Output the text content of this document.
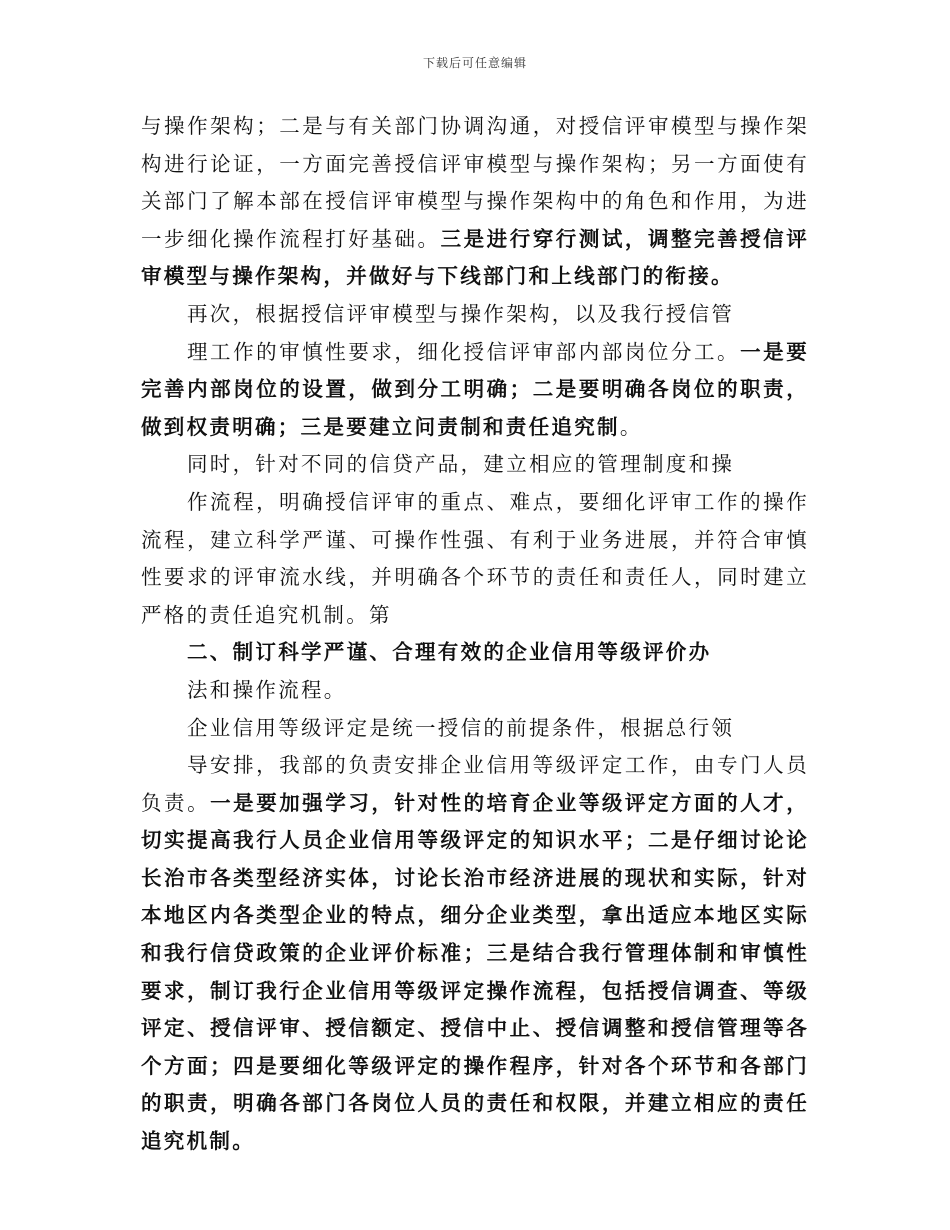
下载后可任意编辑

与操作架构；二是与有关部门协调沟通，对授信评审模型与操作架构进行论证，一方面完善授信评审模型与操作架构；另一方面使有关部门了解本部在授信评审模型与操作架构中的角色和作用，为进一步细化操作流程打好基础。三是进行穿行测试，调整完善授信评审模型与操作架构，并做好与下线部门和上线部门的衔接。

再次，根据授信评审模型与操作架构，以及我行授信管

理工作的审慎性要求，细化授信评审部内部岗位分工。一是要完善内部岗位的设置，做到分工明确；二是要明确各岗位的职责，做到权责明确；三是要建立问责制和责任追究制。

同时，针对不同的信贷产品，建立相应的管理制度和操

作流程，明确授信评审的重点、难点，要细化评审工作的操作流程，建立科学严谨、可操作性强、有利于业务进展，并符合审慎性要求的评审流水线，并明确各个环节的责任和责任人，同时建立严格的责任追究机制。第

二、制订科学严谨、合理有效的企业信用等级评价办

法和操作流程。

企业信用等级评定是统一授信的前提条件，根据总行领

导安排，我部的负责安排企业信用等级评定工作，由专门人员负责。一是要加强学习，针对性的培育企业等级评定方面的人才，切实提高我行人员企业信用等级评定的知识水平；二是仔细讨论论长治市各类型经济实体，讨论长治市经济进展的现状和实际，针对本地区内各类型企业的特点，细分企业类型，拿出适应本地区实际和我行信贷政策的企业评价标准；三是结合我行管理体制和审慎性要求，制订我行企业信用等级评定操作流程，包括授信调查、等级评定、授信评审、授信额定、授信中止、授信调整和授信管理等各个方面；四是要细化等级评定的操作程序，针对各个环节和各部门的职责，明确各部门各岗位人员的责任和权限，并建立相应的责任追究机制。
